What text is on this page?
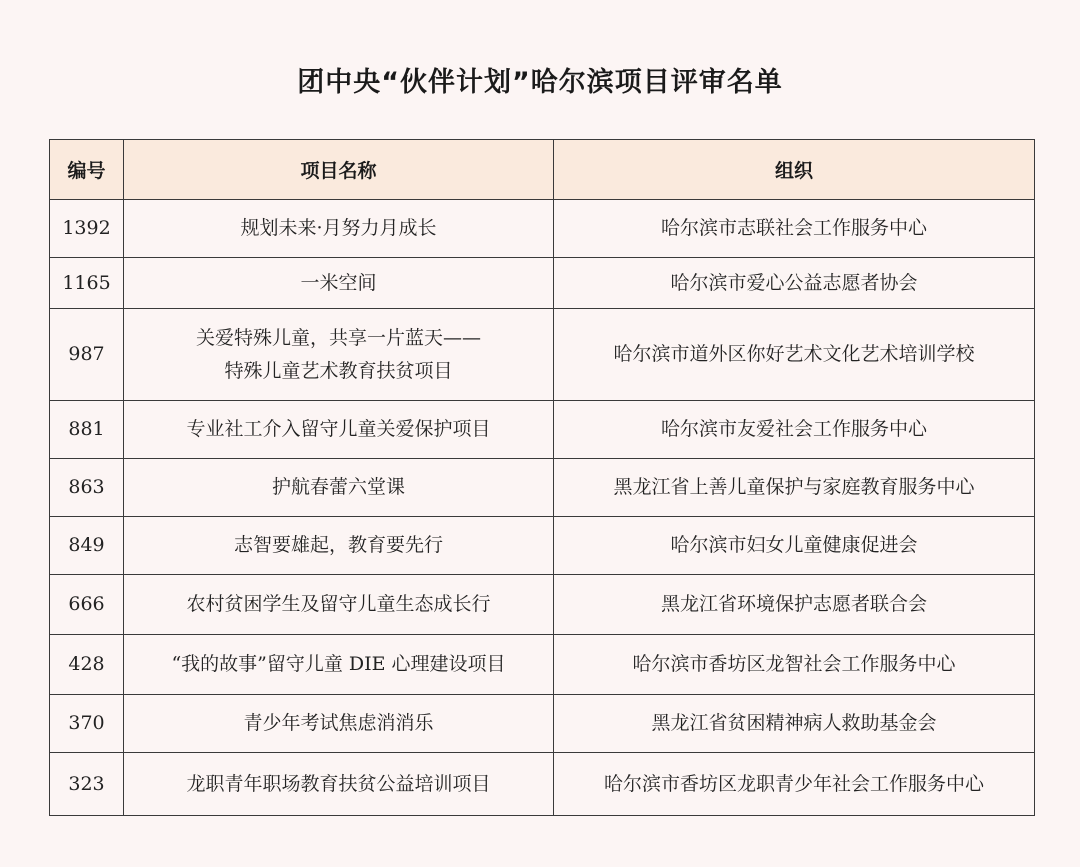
团中央“伙伴计划”哈尔滨项目评审名单
编号	项目名称	组织
1392	规划未来·月努力月成长	哈尔滨市志联社会工作服务中心
1165	一米空间	哈尔滨市爱心公益志愿者协会
987	关爱特殊儿童，共享一片蓝天——
特殊儿童艺术教育扶贫项目	哈尔滨市道外区你好艺术文化艺术培训学校
881	专业社工介入留守儿童关爱保护项目	哈尔滨市友爱社会工作服务中心
863	护航春蕾六堂课	黑龙江省上善儿童保护与家庭教育服务中心
849	志智要雄起，教育要先行	哈尔滨市妇女儿童健康促进会
666	农村贫困学生及留守儿童生态成长行	黑龙江省环境保护志愿者联合会
428	“我的故事”留守儿童 DIE 心理建设项目	哈尔滨市香坊区龙智社会工作服务中心
370	青少年考试焦虑消消乐	黑龙江省贫困精神病人救助基金会
323	龙职青年职场教育扶贫公益培训项目	哈尔滨市香坊区龙职青少年社会工作服务中心
